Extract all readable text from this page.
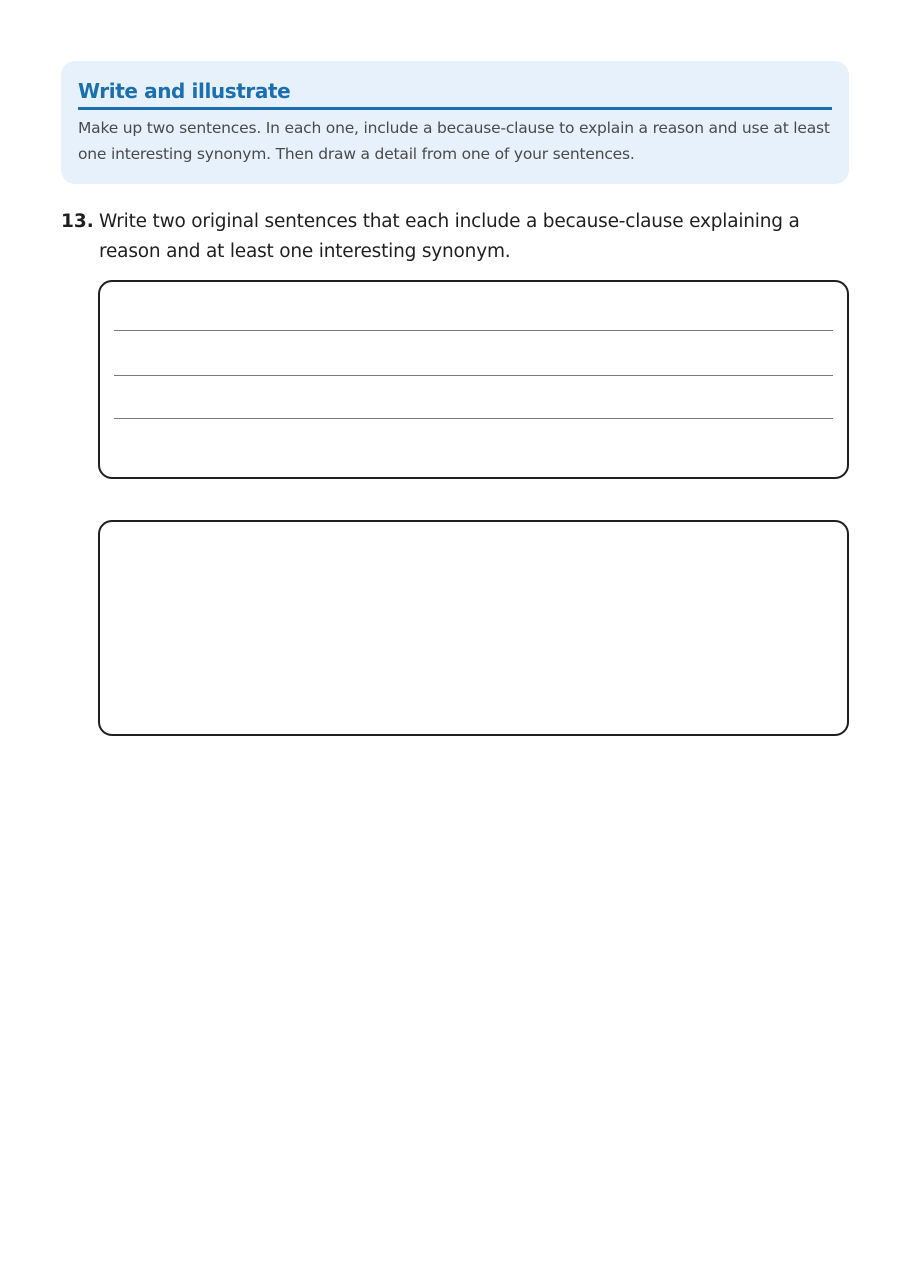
Write and illustrate
Make up two sentences. In each one, include a because-clause to explain a reason and use at least one interesting synonym. Then draw a detail from one of your sentences.
13. Write two original sentences that each include a because-clause explaining a reason and at least one interesting synonym.
